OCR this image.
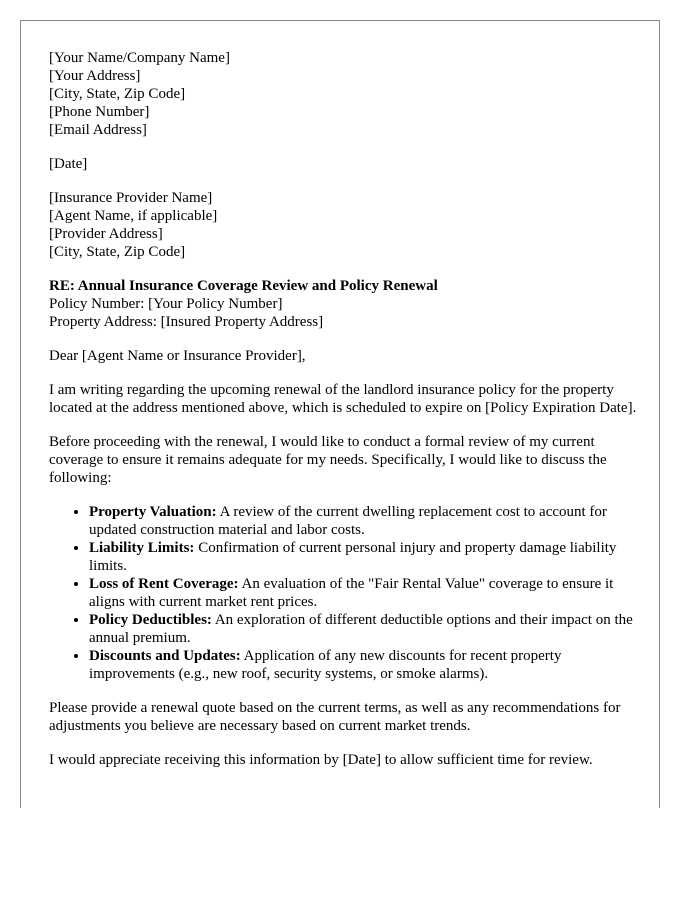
[Your Name/Company Name]
[Your Address]
[City, State, Zip Code]
[Phone Number]
[Email Address]
[Date]
[Insurance Provider Name]
[Agent Name, if applicable]
[Provider Address]
[City, State, Zip Code]
RE: Annual Insurance Coverage Review and Policy Renewal
Policy Number: [Your Policy Number]
Property Address: [Insured Property Address]

Dear [Agent Name or Insurance Provider],

I am writing regarding the upcoming renewal of the landlord insurance policy for the property located at the address mentioned above, which is scheduled to expire on [Policy Expiration Date].

Before proceeding with the renewal, I would like to conduct a formal review of my current coverage to ensure it remains adequate for my needs. Specifically, I would like to discuss the following:

• Property Valuation: A review of the current dwelling replacement cost to account for updated construction material and labor costs.
• Liability Limits: Confirmation of current personal injury and property damage liability limits.
• Loss of Rent Coverage: An evaluation of the "Fair Rental Value" coverage to ensure it aligns with current market rent prices.
• Policy Deductibles: An exploration of different deductible options and their impact on the annual premium.
• Discounts and Updates: Application of any new discounts for recent property improvements (e.g., new roof, security systems, or smoke alarms).

Please provide a renewal quote based on the current terms, as well as any recommendations for adjustments you believe are necessary based on current market trends.

I would appreciate receiving this information by [Date] to allow sufficient time for review.
